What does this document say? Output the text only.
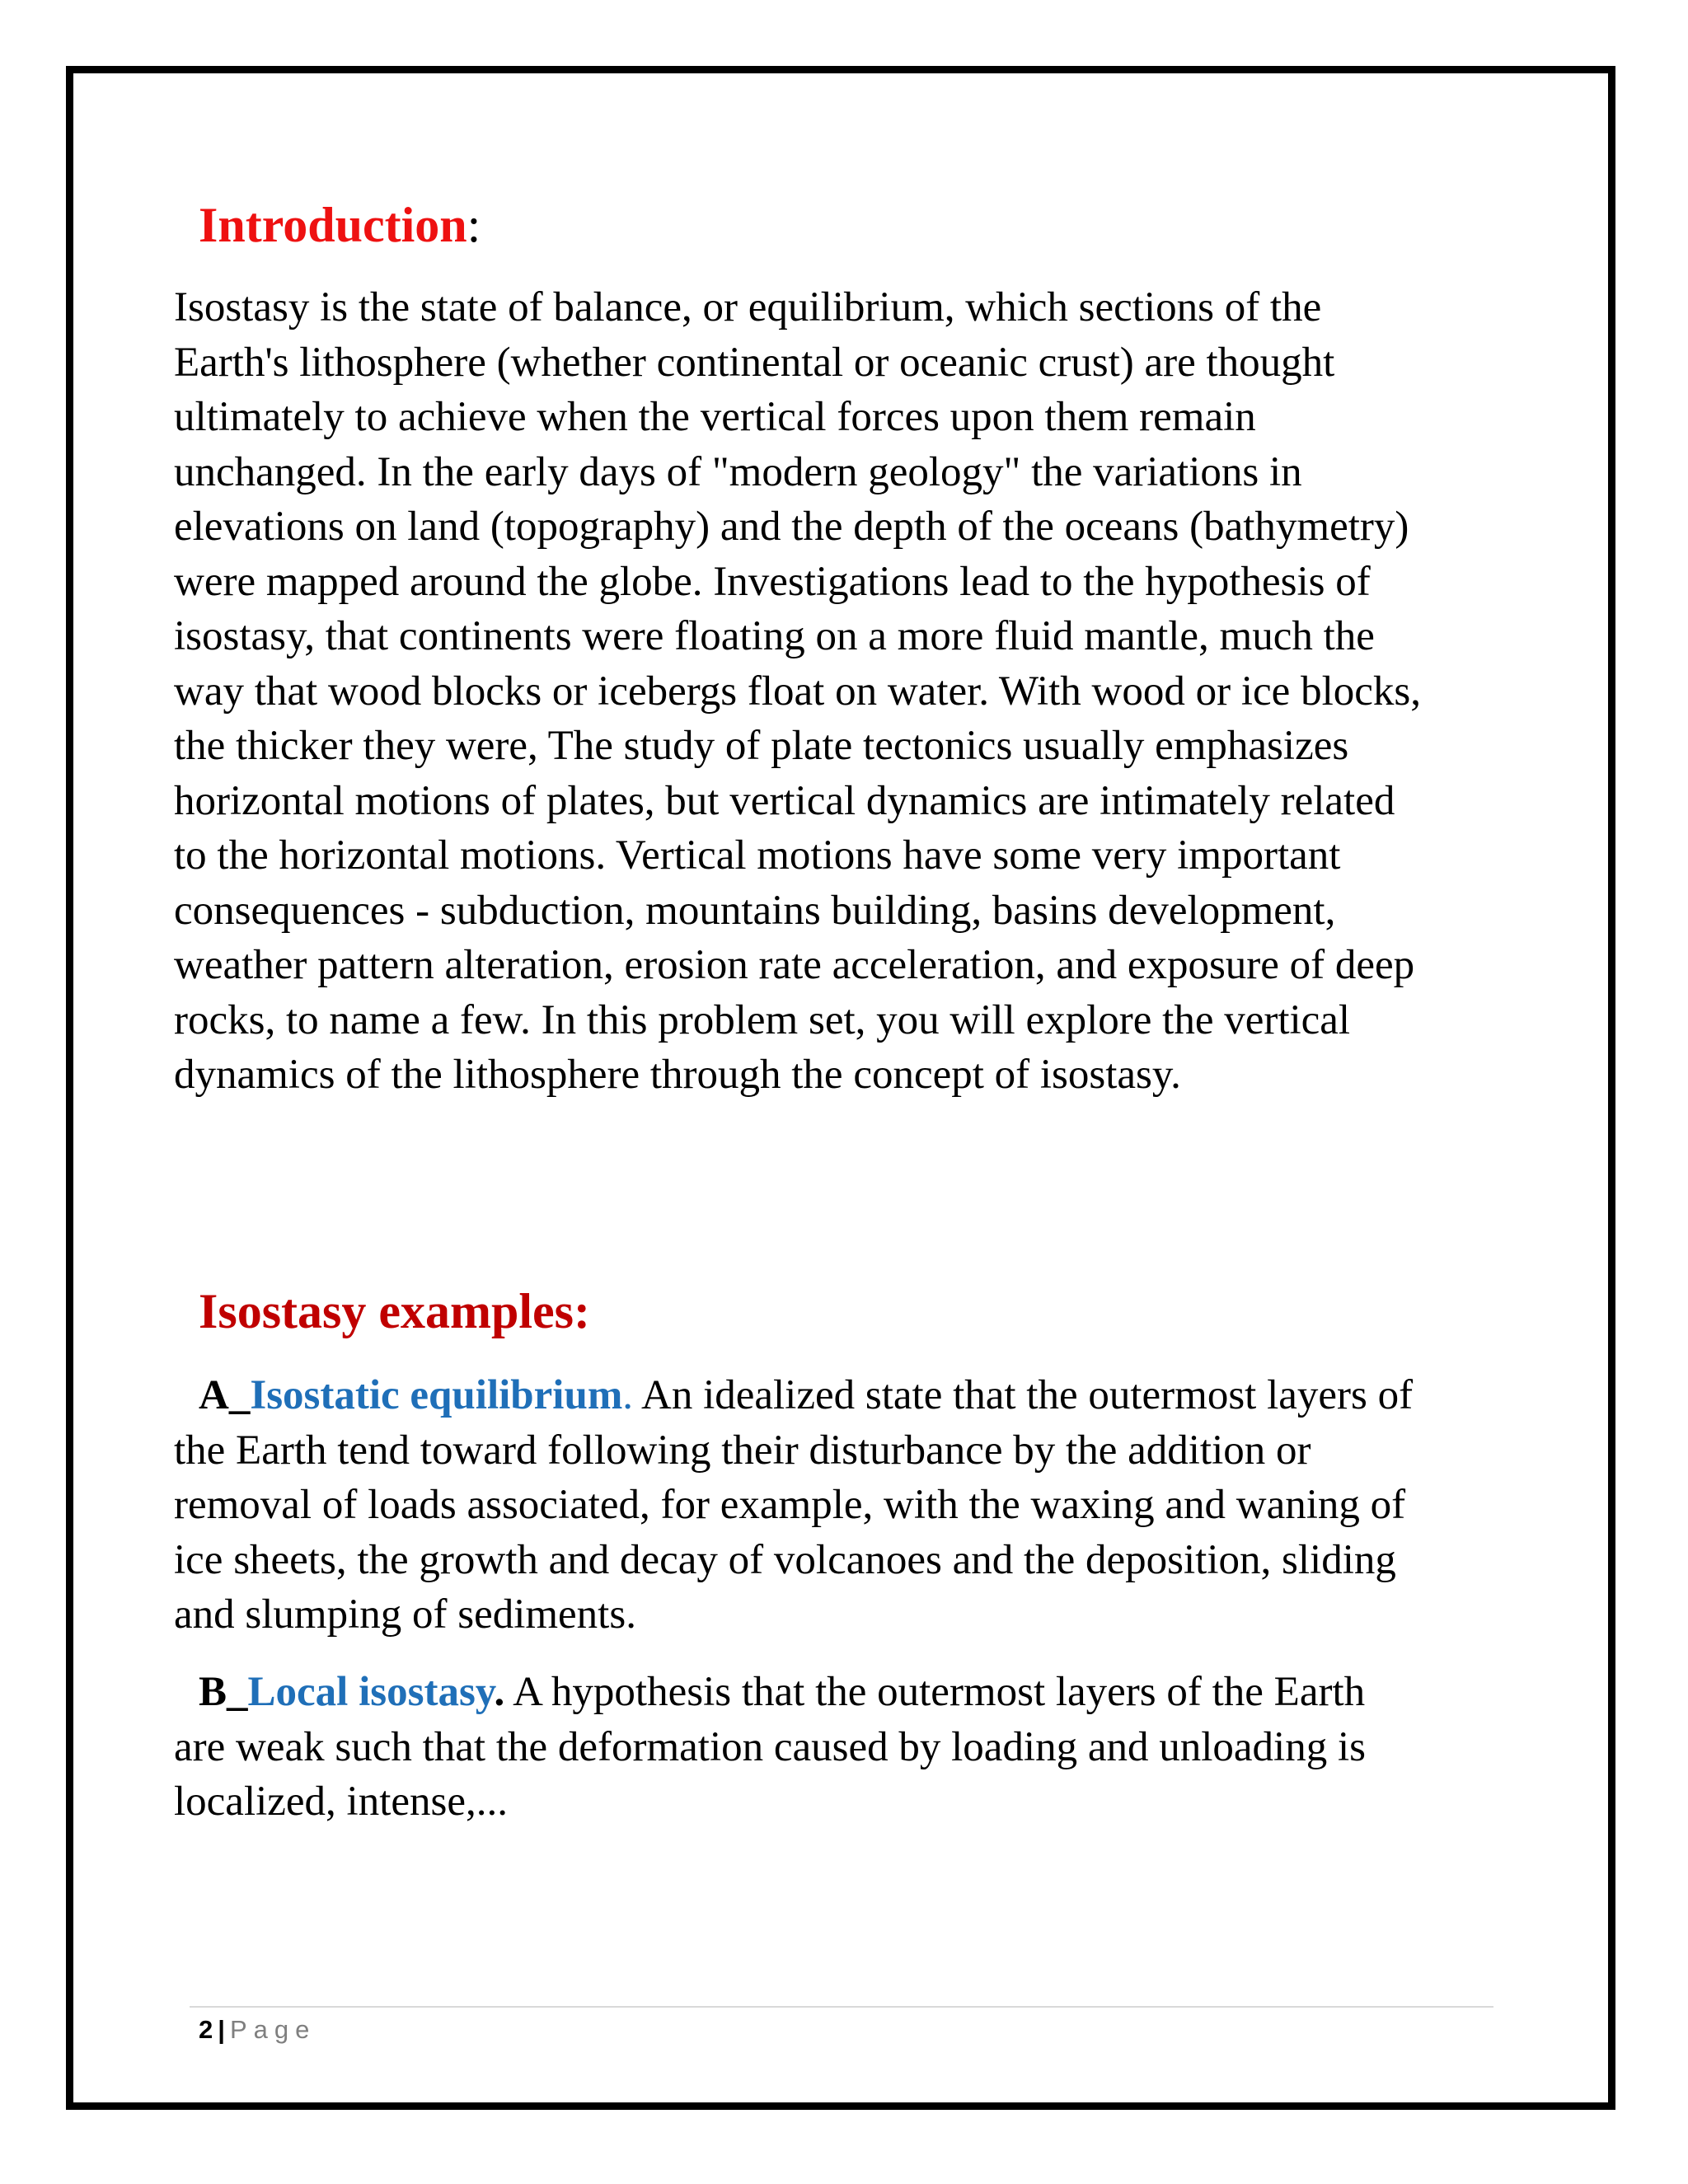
Introduction:

Isostasy is the state of balance, or equilibrium, which sections of the
Earth's lithosphere (whether continental or oceanic crust) are thought
ultimately to achieve when the vertical forces upon them remain
unchanged. In the early days of "modern geology" the variations in
elevations on land (topography) and the depth of the oceans (bathymetry)
were mapped around the globe. Investigations lead to the hypothesis of
isostasy, that continents were floating on a more fluid mantle, much the
way that wood blocks or icebergs float on water. With wood or ice blocks,
the thicker they were, The study of plate tectonics usually emphasizes
horizontal motions of plates, but vertical dynamics are intimately related
to the horizontal motions. Vertical motions have some very important
consequences - subduction, mountains building, basins development,
weather pattern alteration, erosion rate acceleration, and exposure of deep
rocks, to name a few. In this problem set, you will explore the vertical
dynamics of the lithosphere through the concept of isostasy.

Isostasy examples:

A_Isostatic equilibrium. An idealized state that the outermost layers of
the Earth tend toward following their disturbance by the addition or
removal of loads associated, for example, with the waxing and waning of
ice sheets, the growth and decay of volcanoes and the deposition, sliding
and slumping of sediments.

B_Local isostasy. A hypothesis that the outermost layers of the Earth
are weak such that the deformation caused by loading and unloading is
localized, intense,...

2 | Page
